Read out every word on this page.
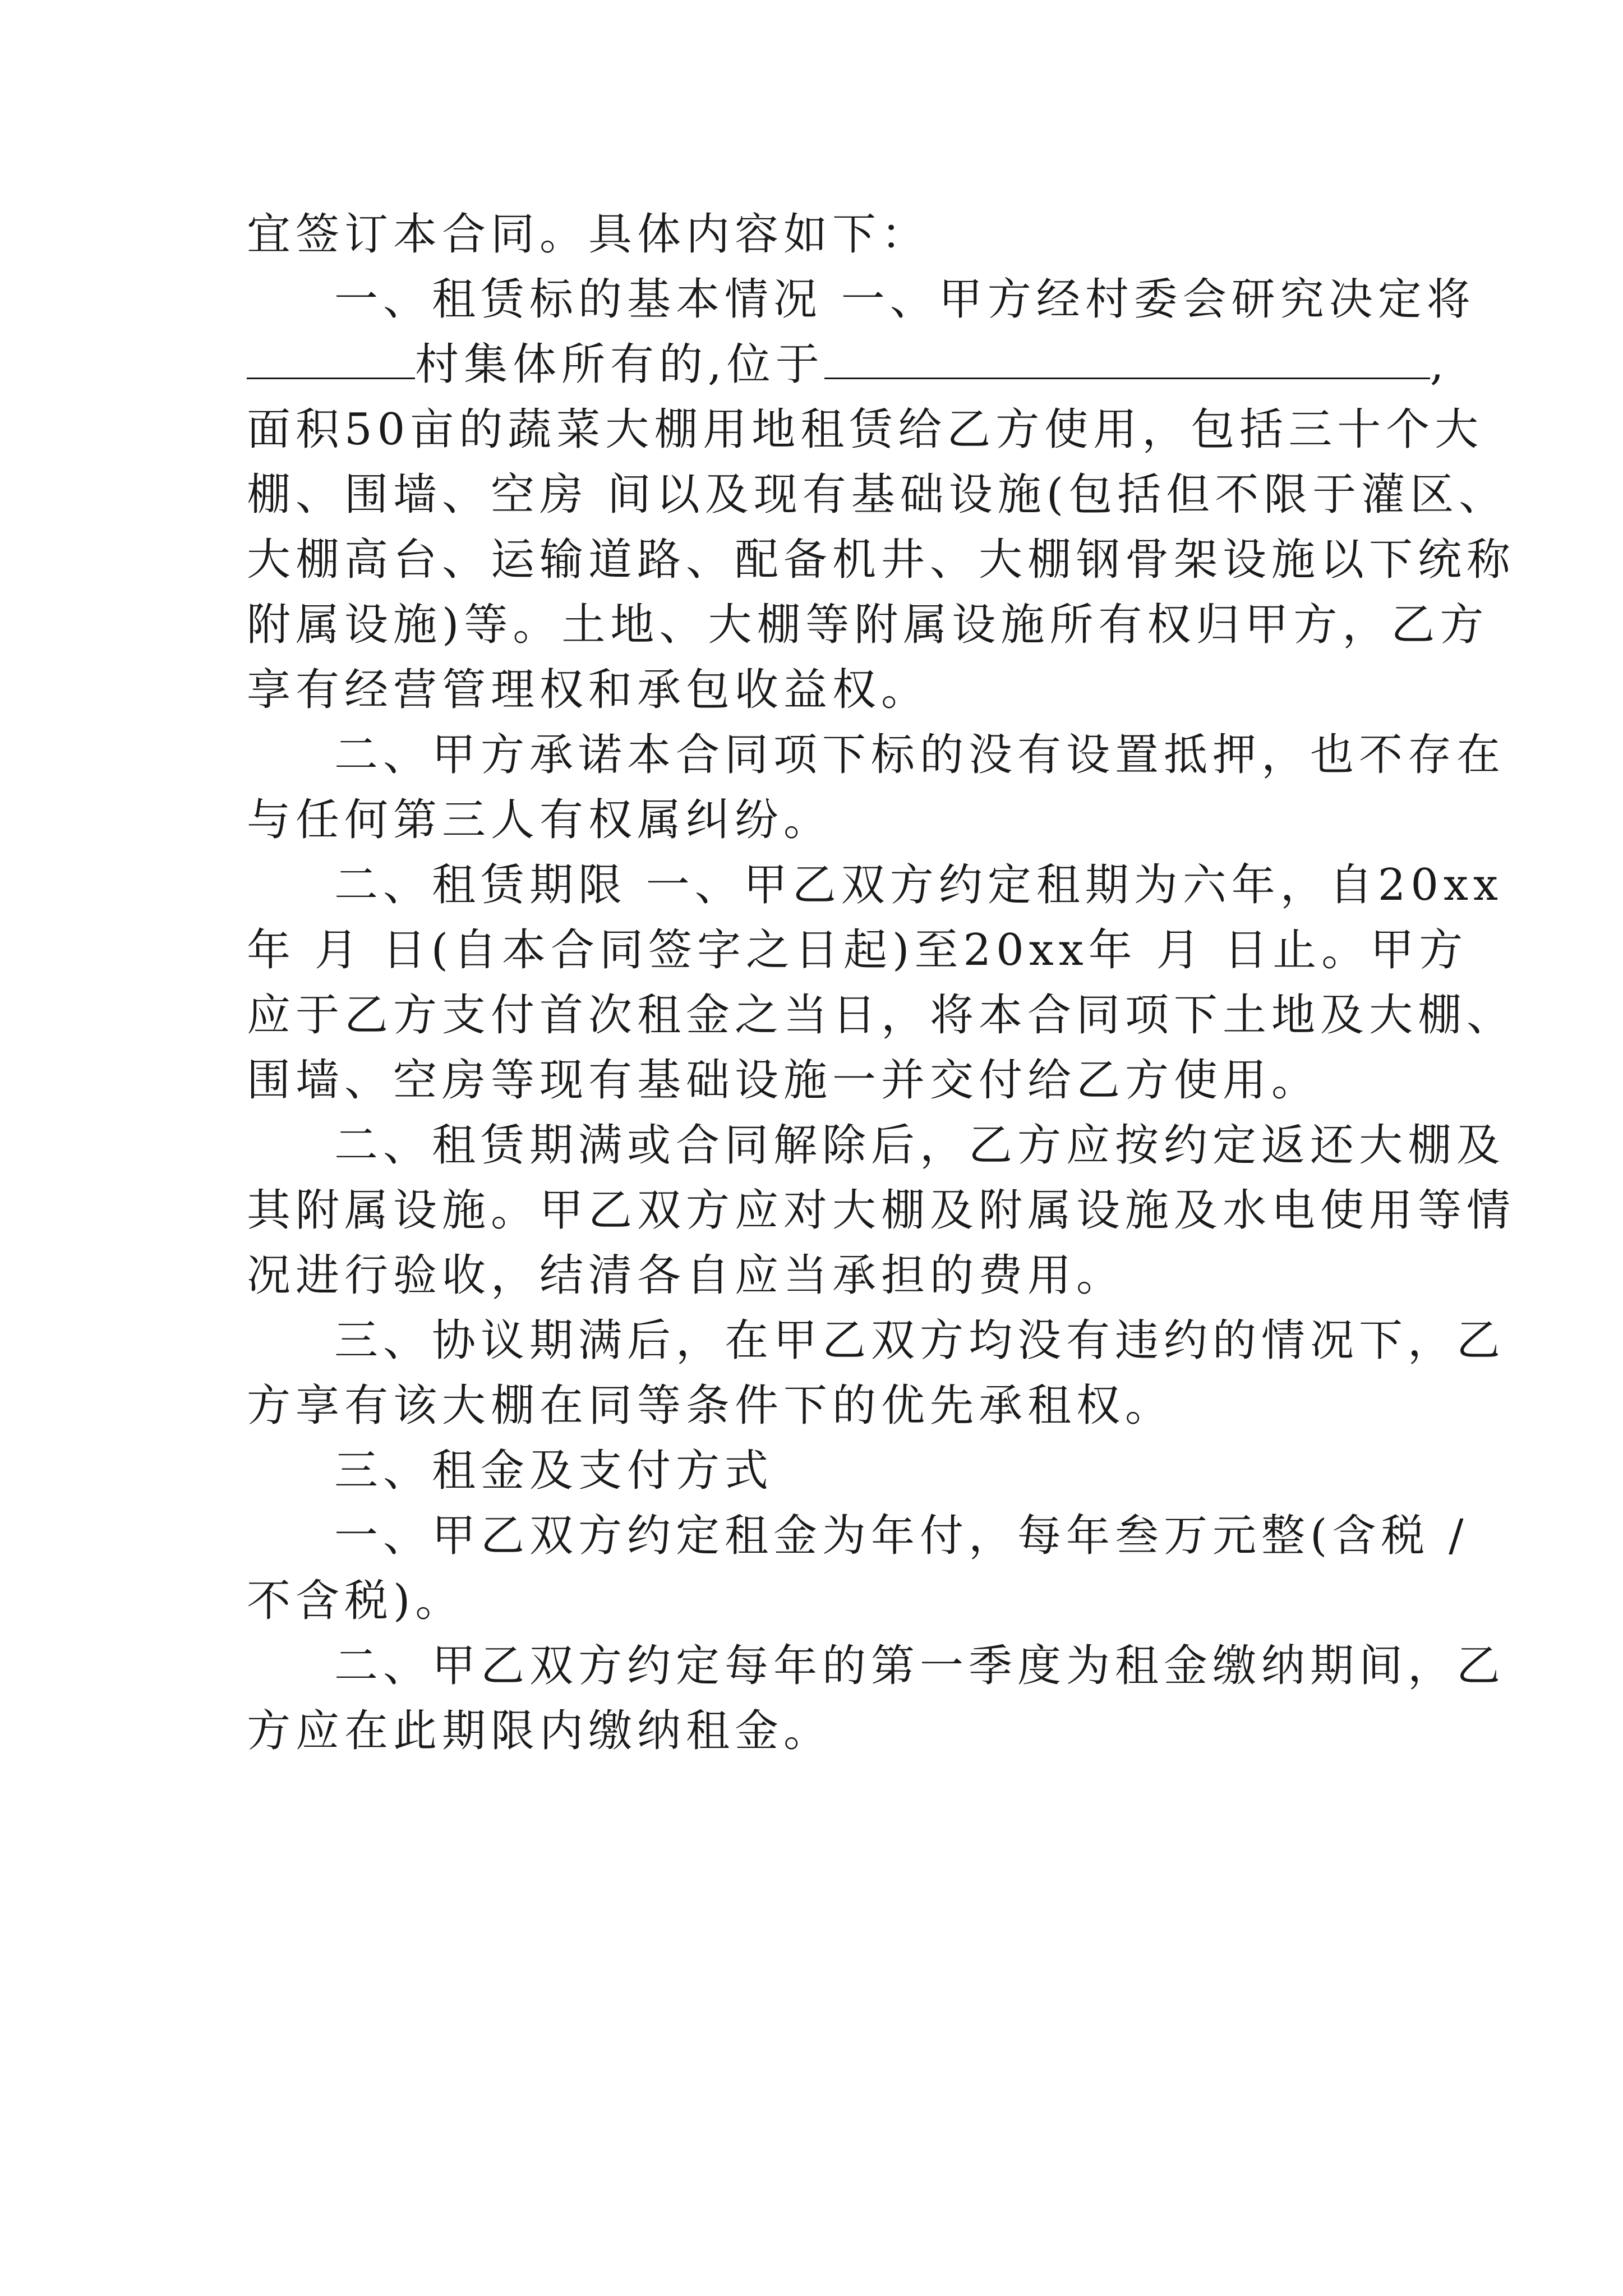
宜签订本合同。具体内容如下：

一、租赁标的基本情况 一、甲方经村委会研究决定将

村集体所有的,位于	,

面积50亩的蔬菜大棚用地租赁给乙方使用，包括三十个大

棚、围墙、空房 间以及现有基础设施(包括但不限于灌区、

大棚高台、运输道路、配备机井、大棚钢骨架设施以下统称

附属设施)等。土地、大棚等附属设施所有权归甲方，乙方

享有经营管理权和承包收益权。

二、甲方承诺本合同项下标的没有设置抵押，也不存在

与任何第三人有权属纠纷。

二、租赁期限 一、甲乙双方约定租期为六年，自20xx

年 月 日(自本合同签字之日起)至20xx年 月 日止。甲方

应于乙方支付首次租金之当日，将本合同项下土地及大棚、

围墙、空房等现有基础设施一并交付给乙方使用。

二、租赁期满或合同解除后，乙方应按约定返还大棚及

其附属设施。甲乙双方应对大棚及附属设施及水电使用等情

况进行验收，结清各自应当承担的费用。

三、协议期满后，在甲乙双方均没有违约的情况下，乙

方享有该大棚在同等条件下的优先承租权。

三、租金及支付方式

一、甲乙双方约定租金为年付，每年叁万元整(含税 /

不含税)。

二、甲乙双方约定每年的第一季度为租金缴纳期间，乙

方应在此期限内缴纳租金。
